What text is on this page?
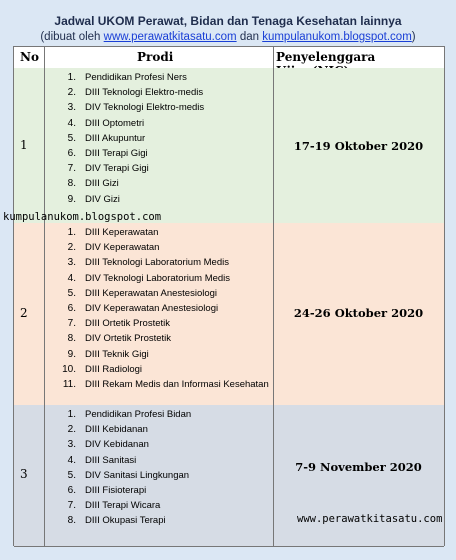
Jadwal UKOM Perawat, Bidan dan Tenaga Kesehatan lainnya
(dibuat oleh www.perawatkitasatu.com dan kumpulanukom.blogspot.com)
No	Prodi	Penyelenggara
1
1. Pendidikan Profesi Ners
2. DIII Teknologi Elektro-medis
3. DIV Teknologi Elektro-medis
4. DIII Optometri
5. DIII Akupuntur
6. DIII Terapi Gigi
7. DIV Terapi Gigi
8. DIII Gizi
9. DIV Gizi
17-19 Oktober 2020
2
1. DIII Keperawatan
2. DIV Keperawatan
3. DIII Teknologi Laboratorium Medis
4. DIV Teknologi Laboratorium Medis
5. DIII Keperawatan Anestesiologi
6. DIV Keperawatan Anestesiologi
7. DIII Ortetik Prostetik
8. DIV Ortetik Prostetik
9. DIII Teknik Gigi
10. DIII Radiologi
11. DIII Rekam Medis dan Informasi Kesehatan
24-26 Oktober 2020
3
1. Pendidikan Profesi Bidan
2. DIII Kebidanan
3. DIV Kebidanan
4. DIII Sanitasi
5. DIV Sanitasi Lingkungan
6. DIII Fisioterapi
7. DIII Terapi Wicara
8. DIII Okupasi Terapi
7-9 November 2020
kumpulanukom.blogspot.com
www.perawatkitasatu.com
